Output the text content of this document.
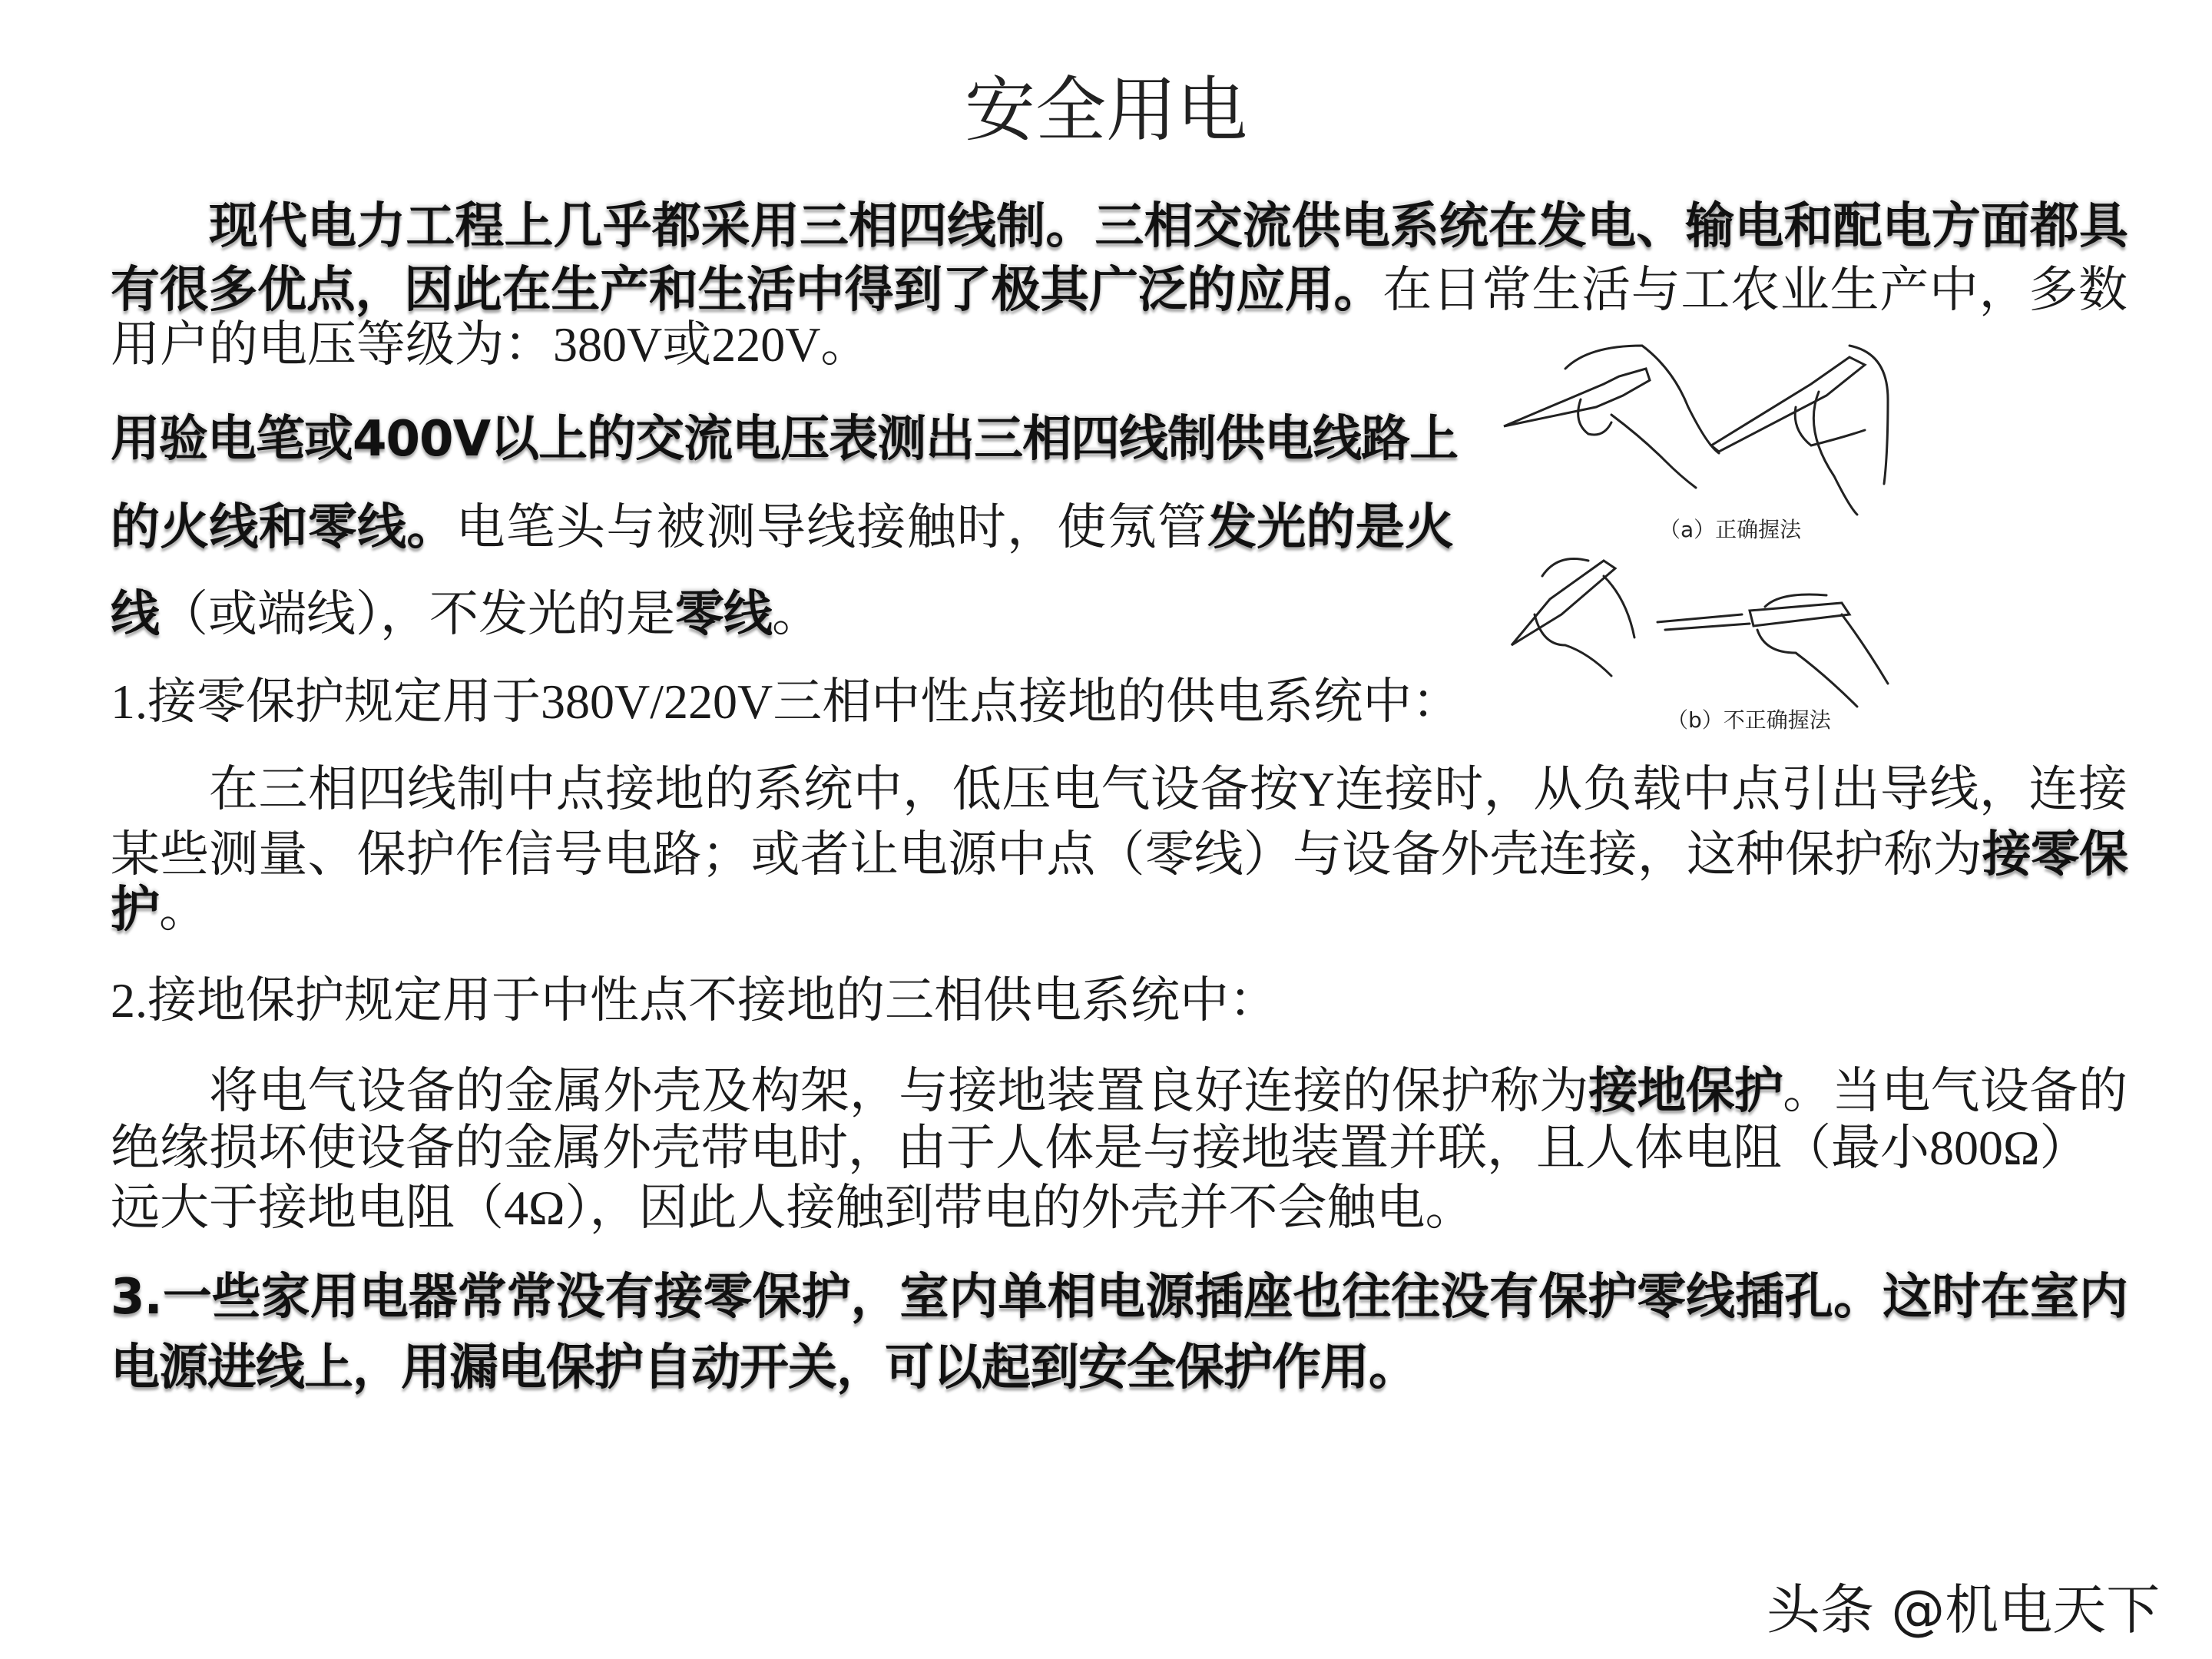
安全用电
现代电力工程上几乎都采用三相四线制。三相交流供电系统在发电、输电和配电方面都具
有很多优点，因此在生产和生活中得到了极其广泛的应用。在日常生活与工农业生产中，多数
用户的电压等级为：380V或220V。
用验电笔或400V以上的交流电压表测出三相四线制供电线路上
的火线和零线。电笔头与被测导线接触时，使氖管发光的是火
线（或端线），不发光的是零线。
1.接零保护规定用于380V/220V三相中性点接地的供电系统中：
在三相四线制中点接地的系统中，低压电气设备按Y连接时，从负载中点引出导线，连接
某些测量、保护作信号电路；或者让电源中点（零线）与设备外壳连接，这种保护称为接零保
护。
2.接地保护规定用于中性点不接地的三相供电系统中：
将电气设备的金属外壳及构架，与接地装置良好连接的保护称为接地保护。当电气设备的
绝缘损坏使设备的金属外壳带电时，由于人体是与接地装置并联，且人体电阻（最小800Ω）
远大于接地电阻（4Ω），因此人接触到带电的外壳并不会触电。
3.一些家用电器常常没有接零保护，室内单相电源插座也往往没有保护零线插孔。这时在室内
电源进线上，用漏电保护自动开关，可以起到安全保护作用。
（a）正确握法
（b）不正确握法
头条 @机电天下
